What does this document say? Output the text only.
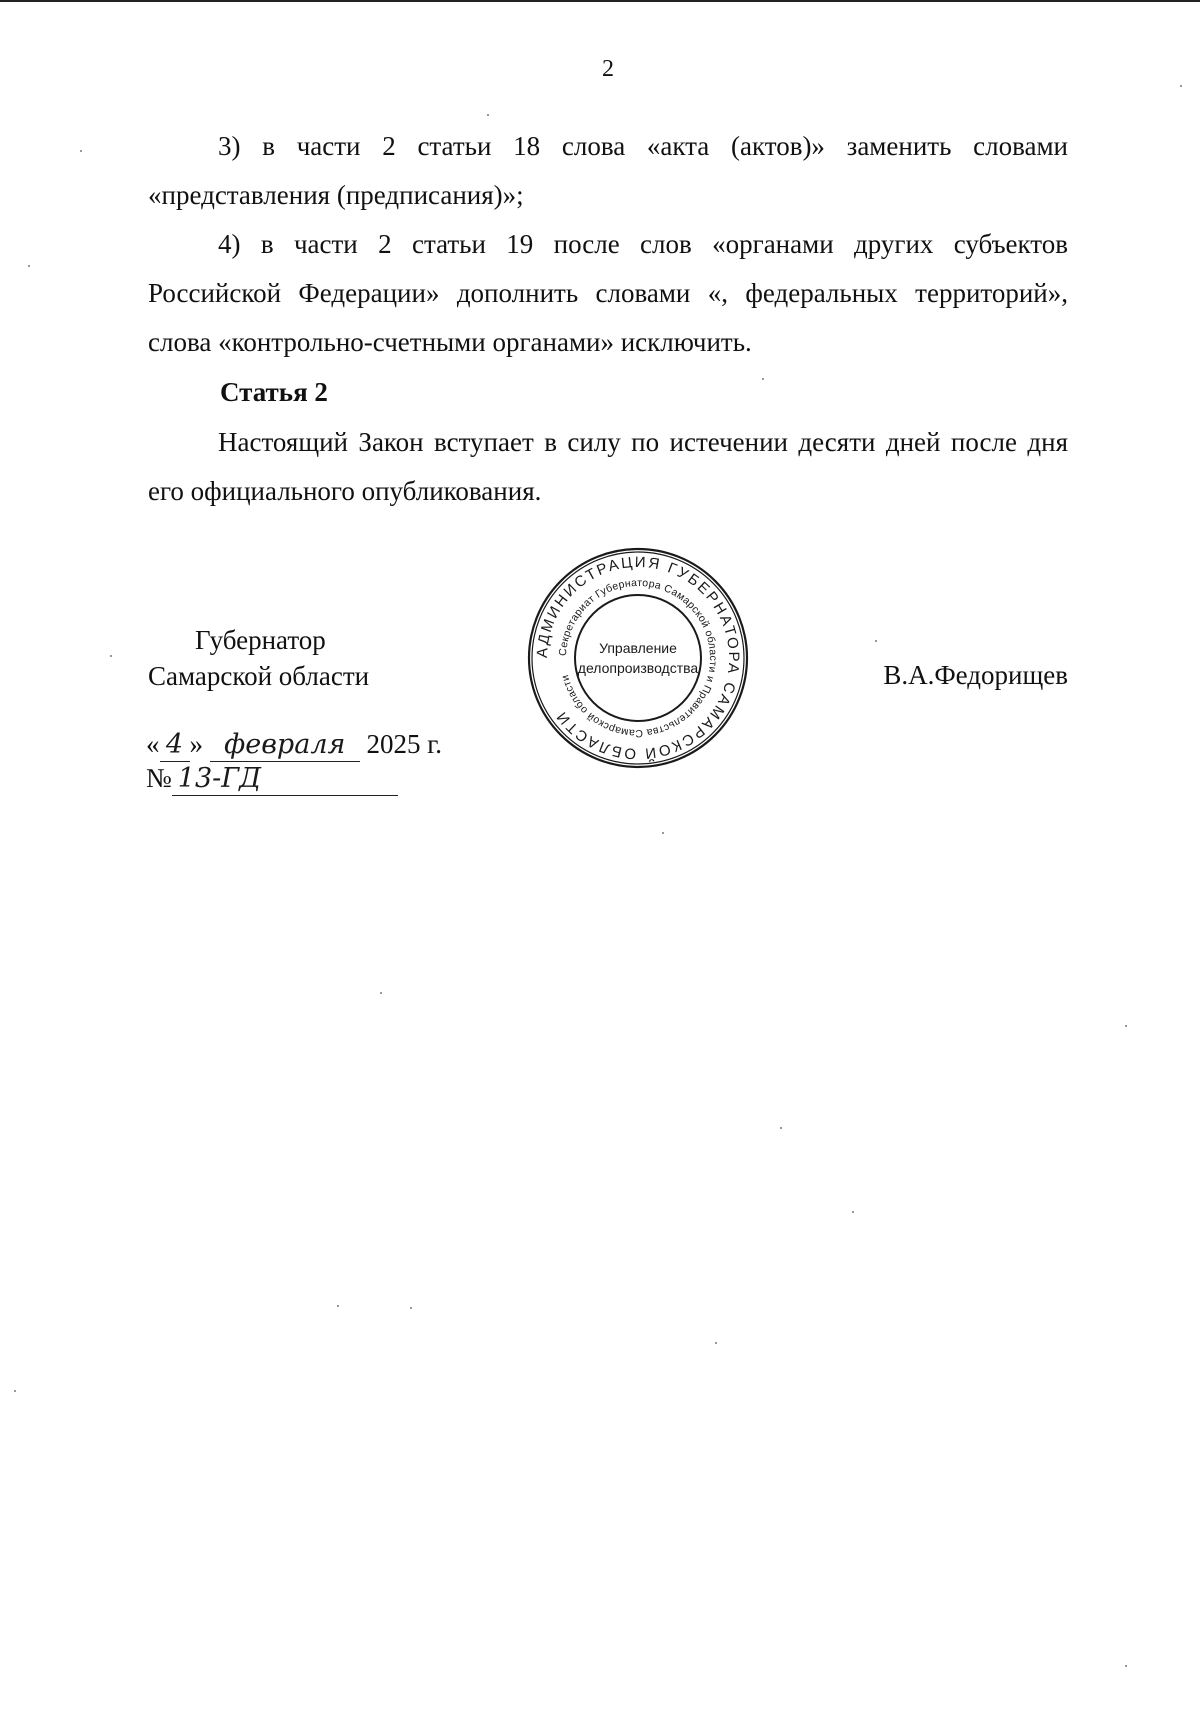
2

3) в части 2 статьи 18 слова «акта (актов)» заменить словами «представления (предписания)»;

4) в части 2 статьи 19 после слов «органами других субъектов Российской Федерации» дополнить словами «, федеральных территорий», слова «контрольно-счетными органами» исключить.

Статья 2

Настоящий Закон вступает в силу по истечении десяти дней после дня его официального опубликования.

Губернатор
Самарской области	В.А.Федорищев
АДМИНИСТРАЦИЯ ГУБЕРНАТОРА САМАРСКОЙ ОБЛАСТИ
Секретариат Губернатора Самарской области и Правительства Самарской области
Управление
делопроизводства
« 4 » февраля 2025 г.
№ 13-ГД
